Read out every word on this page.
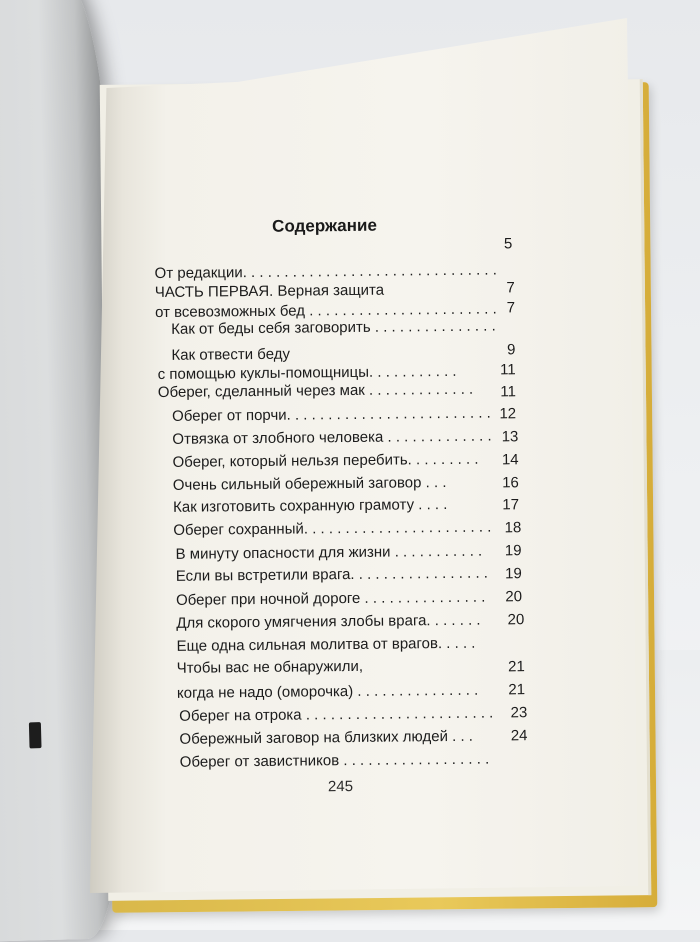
Содержание
От редакции. . . . . . . . . . . . . . . . . . . . . . . . . . . . . . .
5
ЧАСТЬ ПЕРВАЯ. Верная защита
от всевозможных бед . . . . . . . . . . . . . . . . . . . . . . .
7
Как от беды себя заговорить . . . . . . . . . . . . . . .
7
Как отвести беду
с помощью куклы-помощницы. . . . . . . . . . .
9
Оберег, сделанный через мак . . . . . . . . . . . . .
11
Оберег от порчи. . . . . . . . . . . . . . . . . . . . . . . . .
11
Отвязка от злобного человека . . . . . . . . . . . . .
12
Оберег, который нельзя перебить. . . . . . . . .
13
Очень сильный обережный заговор . . .
14
Как изготовить сохранную грамоту . . . .
16
Оберег сохранный. . . . . . . . . . . . . . . . . . . . . . .
17
В минуту опасности для жизни . . . . . . . . . . .
18
Если вы встретили врага. . . . . . . . . . . . . . . . .
19
Оберег при ночной дороге . . . . . . . . . . . . . . .
19
Для скорого умягчения злобы врага. . . . . . .
20
Еще одна сильная молитва от врагов. . . . .
20
Чтобы вас не обнаружили,
когда не надо (оморочка) . . . . . . . . . . . . . . .
21
Оберег на отрока . . . . . . . . . . . . . . . . . . . . . . .
21
Обережный заговор на близких людей . . .
23
Оберег от завистников . . . . . . . . . . . . . . . . . .
24
245
